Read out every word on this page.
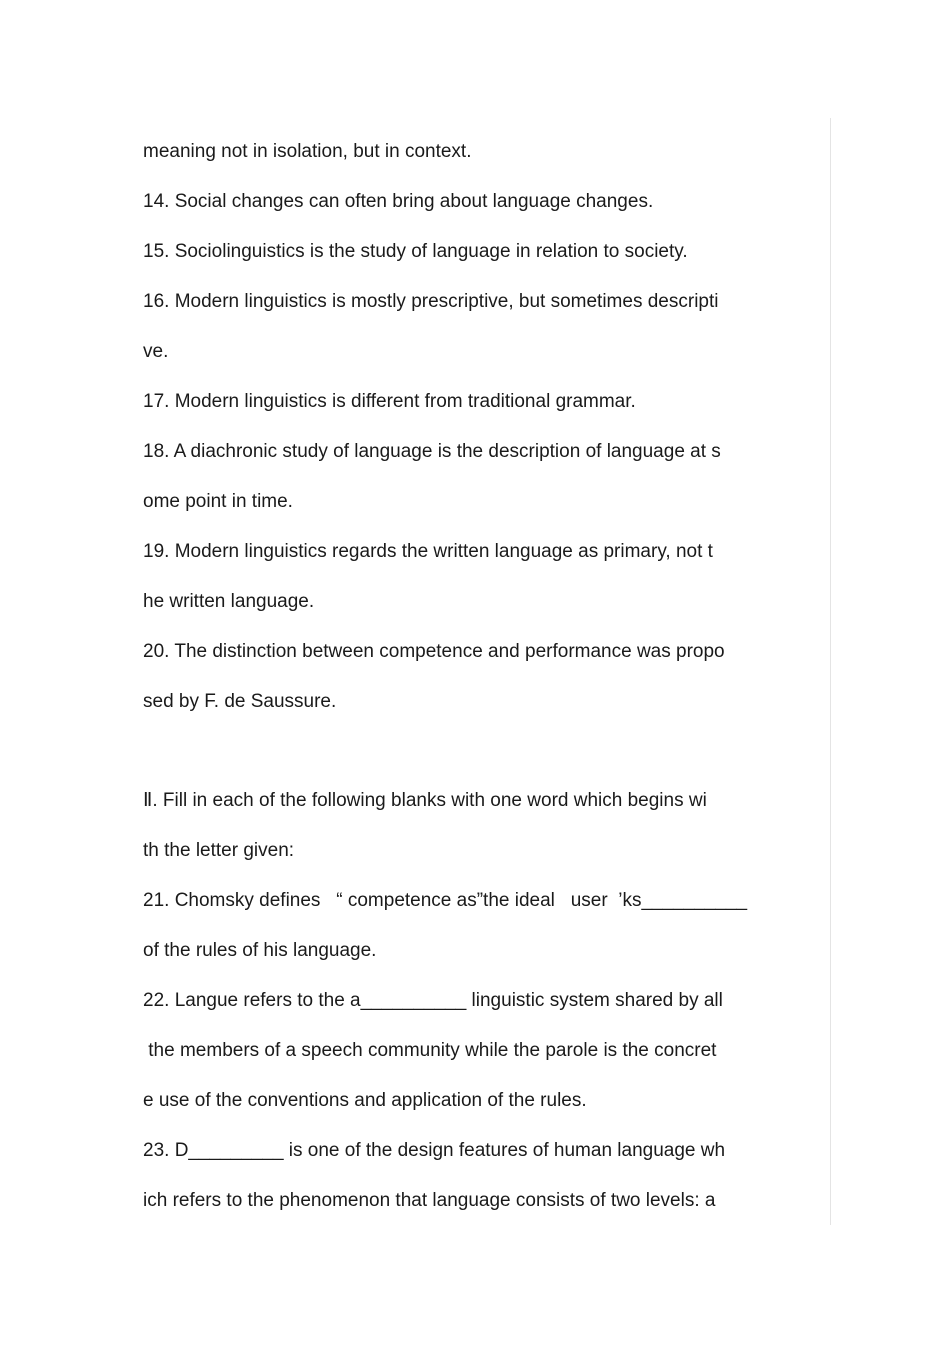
meaning not in isolation, but in context.
14. Social changes can often bring about language changes.
15. Sociolinguistics is the study of language in relation to society.
16. Modern linguistics is mostly prescriptive, but sometimes descripti
ve.
17. Modern linguistics is different from traditional grammar.
18. A diachronic study of language is the description of language at s
ome point in time.
19. Modern linguistics regards the written language as primary, not t
he written language.
20. The distinction between competence and performance was propo
sed by F. de Saussure.
Ⅱ. Fill in each of the following blanks with one word which begins wi
th the letter given:
21. Chomsky defines   “ competence as”the ideal   user  ’ks__________
of the rules of his language.
22. Langue refers to the a__________ linguistic system shared by all
the members of a speech community while the parole is the concret
e use of the conventions and application of the rules.
23. D_________ is one of the design features of human language wh
ich refers to the phenomenon that language consists of two levels: a
